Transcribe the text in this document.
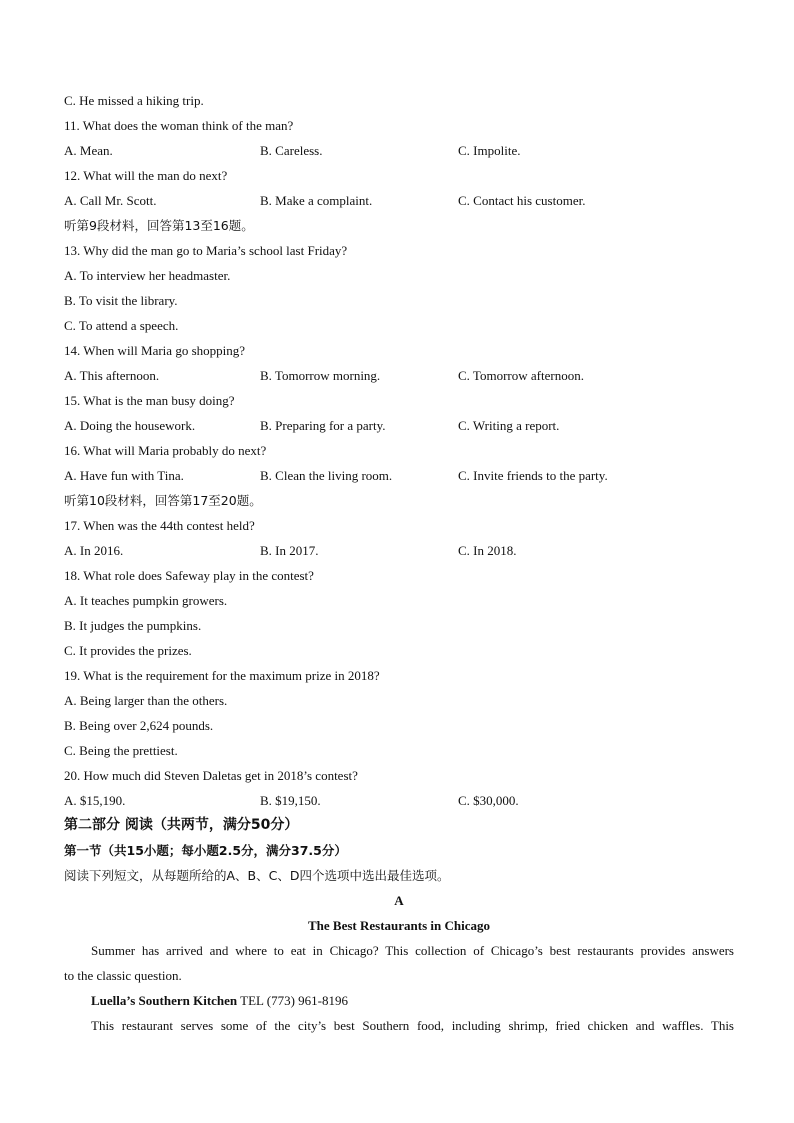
C. He missed a hiking trip.
11. What does the woman think of the man?
A. Mean.	B. Careless.	C. Impolite.
12. What will the man do next?
A. Call Mr. Scott.	B. Make a complaint.	C. Contact his customer.
听第9段材料，回答第13至16题。
13. Why did the man go to Maria’s school last Friday?
A. To interview her headmaster.
B. To visit the library.
C. To attend a speech.
14. When will Maria go shopping?
A. This afternoon.	B. Tomorrow morning.	C. Tomorrow afternoon.
15. What is the man busy doing?
A. Doing the housework.	B. Preparing for a party.	C. Writing a report.
16. What will Maria probably do next?
A. Have fun with Tina.	B. Clean the living room.	C. Invite friends to the party.
听第10段材料，回答第17至20题。
17. When was the 44th contest held?
A. In 2016.	B. In 2017.	C. In 2018.
18. What role does Safeway play in the contest?
A. It teaches pumpkin growers.
B. It judges the pumpkins.
C. It provides the prizes.
19. What is the requirement for the maximum prize in 2018?
A. Being larger than the others.
B. Being over 2,624 pounds.
C. Being the prettiest.
20. How much did Steven Daletas get in 2018’s contest?
A. $15,190.	B. $19,150.	C. $30,000.
第二部分 阅读（共两节，满分50分）
第一节（共15小题；每小题2.5分，满分37.5分）
阅读下列短文，从每题所给的A、B、C、D四个选项中选出最佳选项。
A
The Best Restaurants in Chicago
Summer has arrived and where to eat in Chicago? This collection of Chicago’s best restaurants provides answers
to the classic question.
Luella’s Southern Kitchen TEL (773) 961-8196
This restaurant serves some of the city’s best Southern food, including shrimp, fried chicken and waffles. This
